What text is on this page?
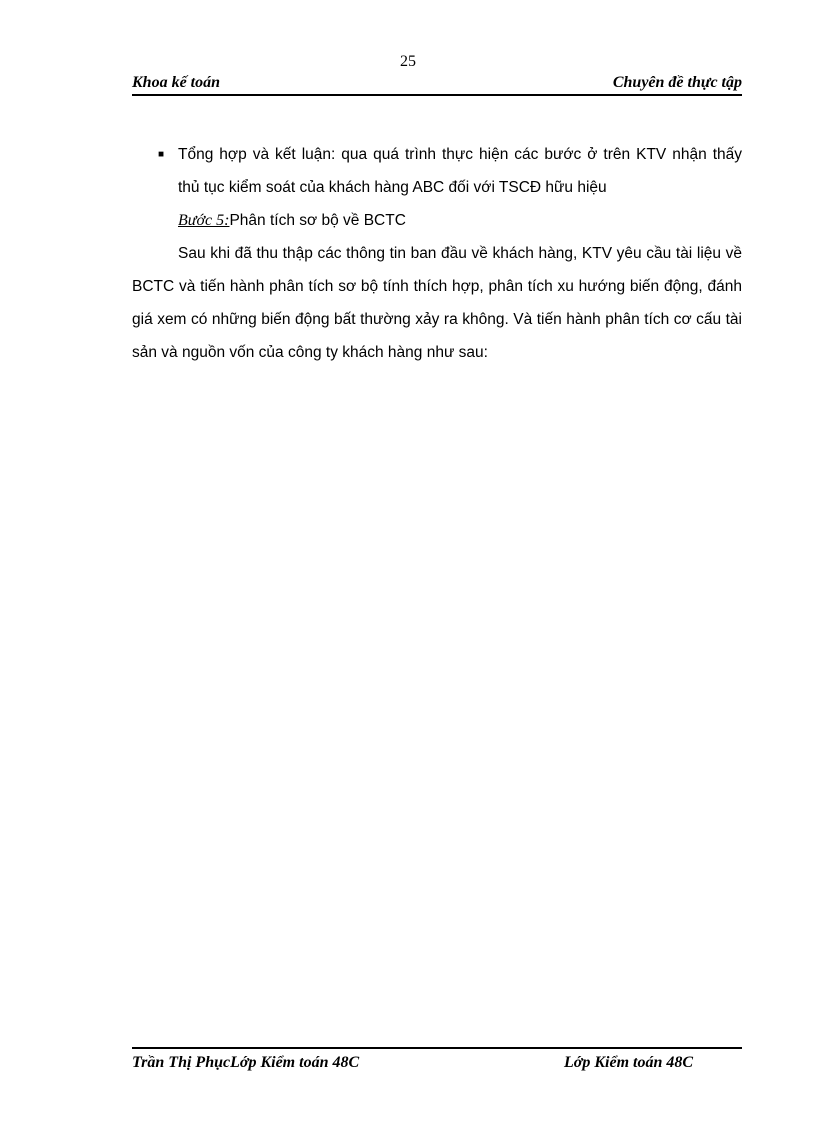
25
Khoa kế toán	Chuyên đề thực tập
■ Tổng hợp và kết luận: qua quá trình thực hiện các bước ở trên KTV nhận thấy
thủ tục kiểm soát của khách hàng ABC đối với TSCĐ hữu hiệu

Bước 5:Phân tích sơ bộ về BCTC

Sau khi đã thu thập các thông tin ban đầu về khách hàng, KTV yêu cầu tài liệu về BCTC và tiến hành phân tích sơ bộ tính thích hợp, phân tích xu hướng biến động, đánh giá xem có những biến động bất thường xảy ra không. Và tiến hành phân tích cơ cấu tài sản và nguồn vốn của công ty khách hàng như sau:

Trần Thị PhụcLớp Kiểm toán 48C	Lớp Kiểm toán 48C
